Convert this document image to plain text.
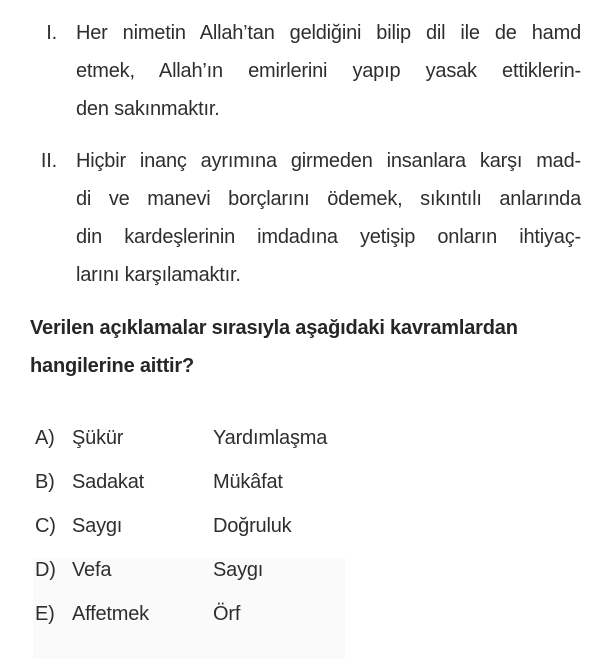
I. Her nimetin Allah’tan geldiğini bilip dil ile de hamd
etmek, Allah’ın emirlerini yapıp yasak ettiklerin-
den sakınmaktır.
II. Hiçbir inanç ayrımına girmeden insanlara karşı mad-
di ve manevi borçlarını ödemek, sıkıntılı anlarında
din kardeşlerinin imdadına yetişip onların ihtiyaç-
larını karşılamaktır.
Verilen açıklamalar sırasıyla aşağıdaki kavramlardan
hangilerine aittir?
A) Şükür	Yardımlaşma
B) Sadakat	Mükâfat
C) Saygı	Doğruluk
D) Vefa	Saygı
E) Affetmek	Örf
